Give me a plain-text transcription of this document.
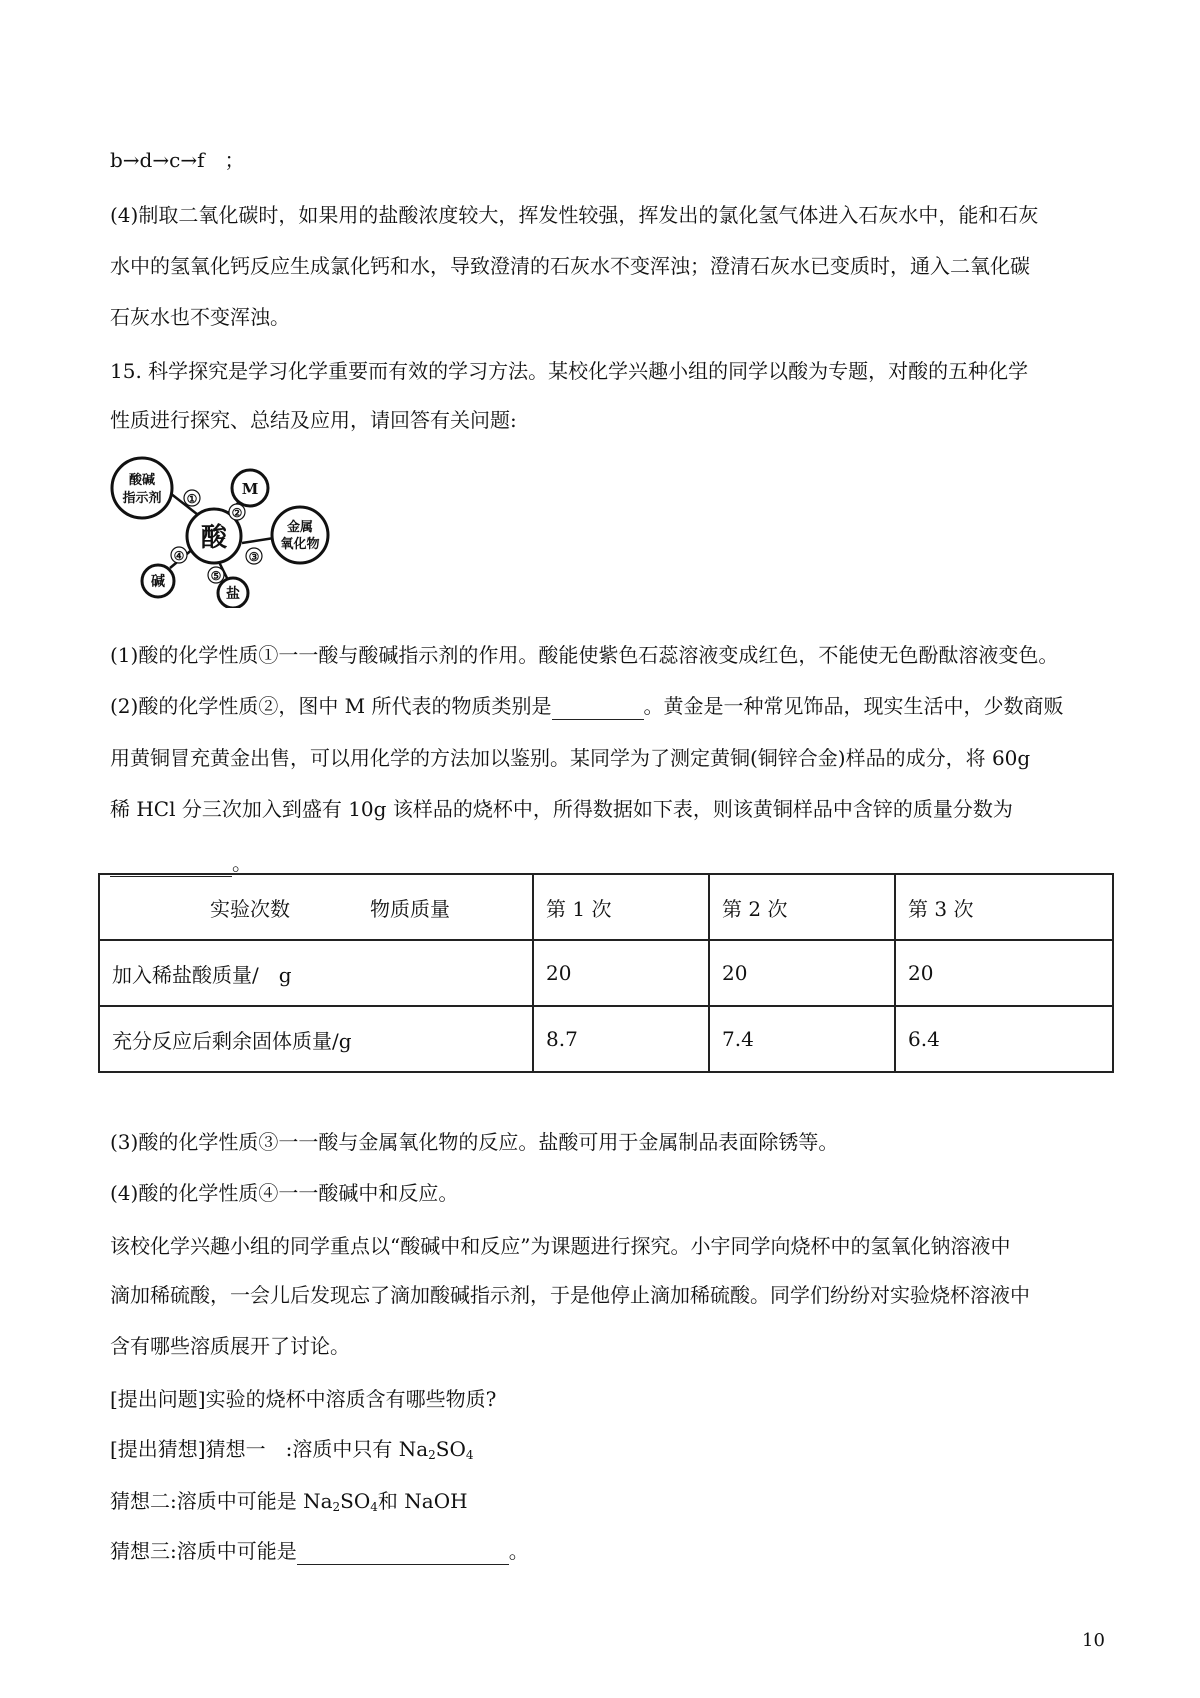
b→d→c→f　；
(4)制取二氧化碳时，如果用的盐酸浓度较大，挥发性较强，挥发出的氯化氢气体进入石灰水中，能和石灰
水中的氢氧化钙反应生成氯化钙和水，导致澄清的石灰水不变浑浊；澄清石灰水已变质时，通入二氧化碳
石灰水也不变浑浊。
15. 科学探究是学习化学重要而有效的学习方法。某校化学兴趣小组的同学以酸为专题，对酸的五种化学
性质进行探究、总结及应用，请回答有关问题:
酸碱
指示剂
酸
M
金属
氧化物
碱
盐
①
②
③
④
⑤
(1)酸的化学性质①一一酸与酸碱指示剂的作用。酸能使紫色石蕊溶液变成红色，不能使无色酚酞溶液变色。
(2)酸的化学性质②，图中 M 所代表的物质类别是	。黄金是一种常见饰品，现实生活中，少数商贩
用黄铜冒充黄金出售，可以用化学的方法加以鉴别。某同学为了测定黄铜(铜锌合金)样品的成分，将 60g
稀 HCl 分三次加入到盛有 10g 该样品的烧杯中，所得数据如下表，则该黄铜样品中含锌的质量分数为
。
实验次数　　　　物质质量	第 1 次	第 2 次	第 3 次
加入稀盐酸质量/　g	20	20	20
充分反应后剩余固体质量/g	8.7	7.4	6.4
(3)酸的化学性质③一一酸与金属氧化物的反应。盐酸可用于金属制品表面除锈等。
(4)酸的化学性质④一一酸碱中和反应。
该校化学兴趣小组的同学重点以“酸碱中和反应”为课题进行探究。小宇同学向烧杯中的氢氧化钠溶液中
滴加稀硫酸，一会儿后发现忘了滴加酸碱指示剂，于是他停止滴加稀硫酸。同学们纷纷对实验烧杯溶液中
含有哪些溶质展开了讨论。
[提出问题]实验的烧杯中溶质含有哪些物质?
[提出猜想]猜想一　:溶质中只有 $Na_2SO_4$
猜想二:溶质中可能是 $Na_2SO_4$和 NaOH
猜想三:溶质中可能是	。
10
